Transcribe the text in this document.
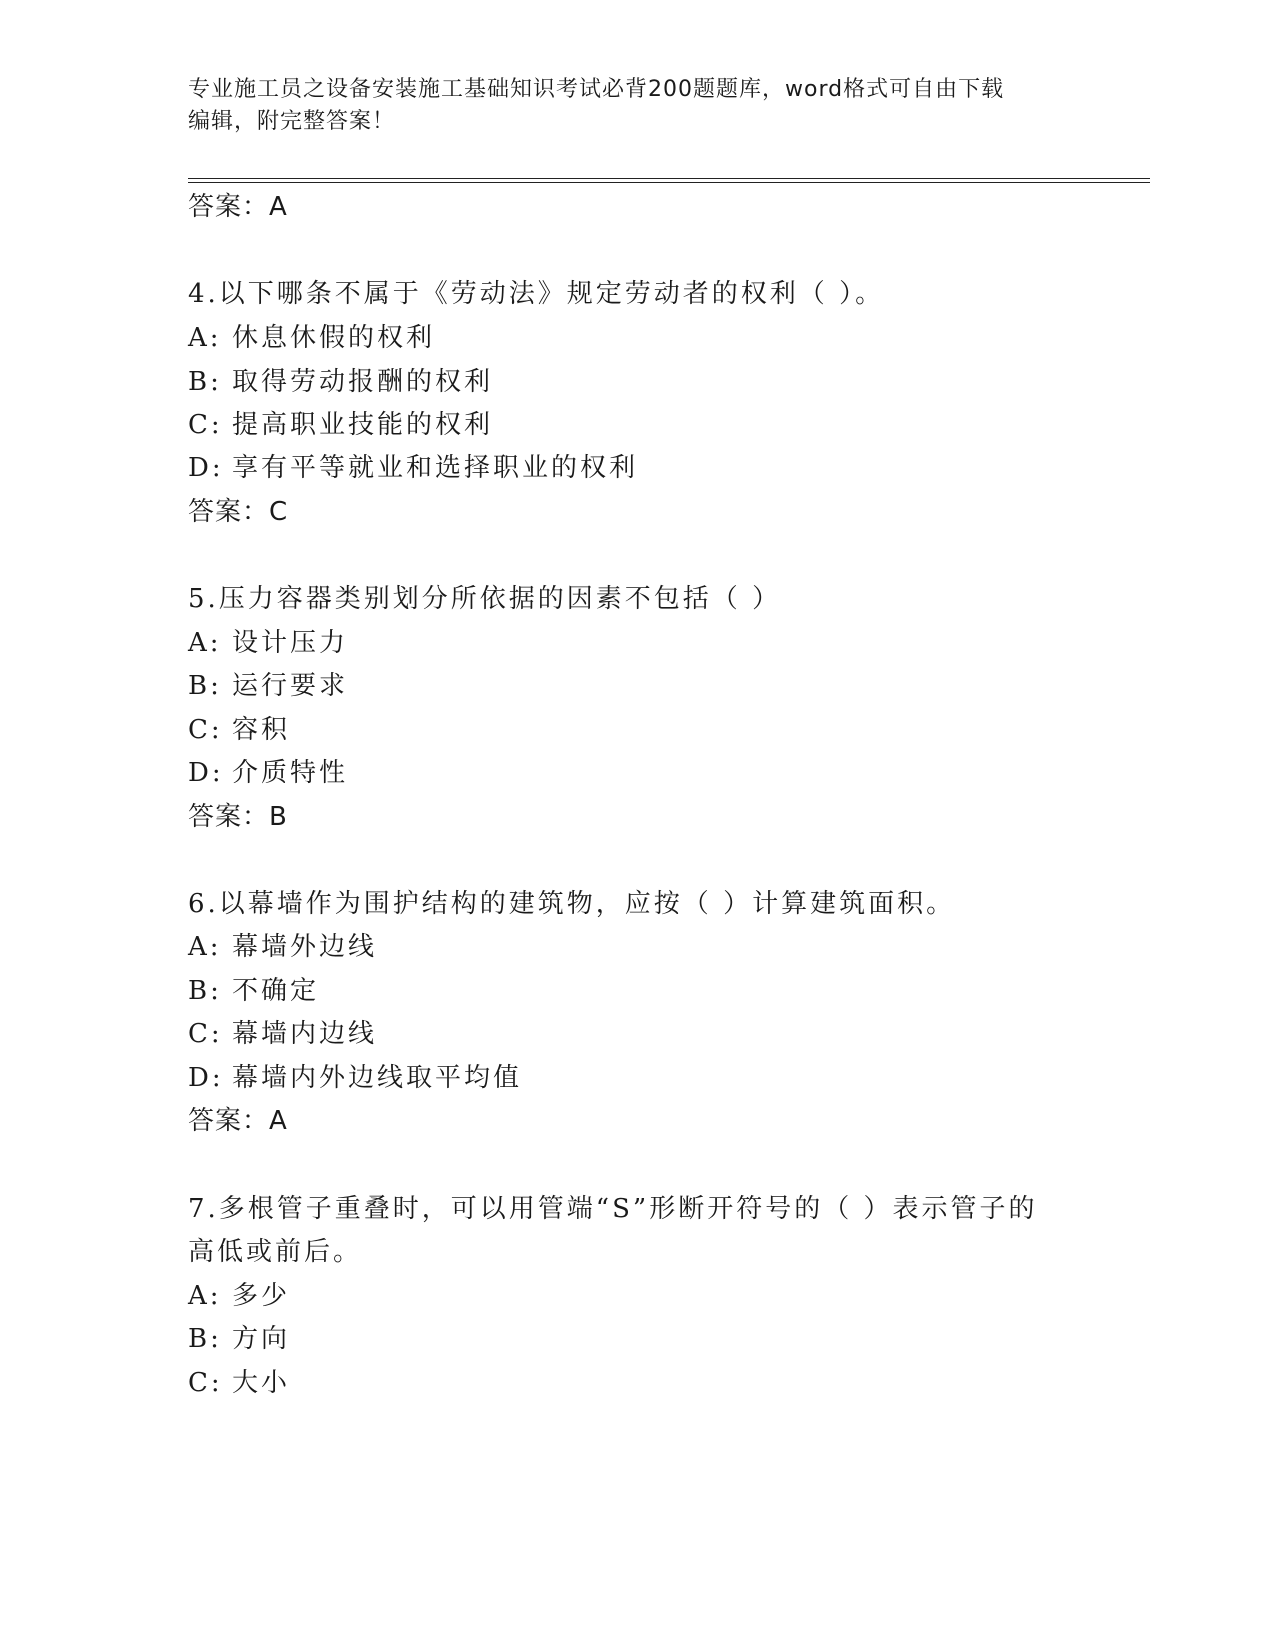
专业施工员之设备安装施工基础知识考试必背200题题库，word格式可自由下载
编辑，附完整答案！
答案：A
4.以下哪条不属于《劳动法》规定劳动者的权利（ ）。
A: 休息休假的权利
B: 取得劳动报酬的权利
C: 提高职业技能的权利
D: 享有平等就业和选择职业的权利
答案：C
5.压力容器类别划分所依据的因素不包括（ ）
A: 设计压力
B: 运行要求
C: 容积
D: 介质特性
答案：B
6.以幕墙作为围护结构的建筑物，应按（ ）计算建筑面积。
A: 幕墙外边线
B: 不确定
C: 幕墙内边线
D: 幕墙内外边线取平均值
答案：A
7.多根管子重叠时，可以用管端“S”形断开符号的（ ）表示管子的
高低或前后。
A: 多少
B: 方向
C: 大小
